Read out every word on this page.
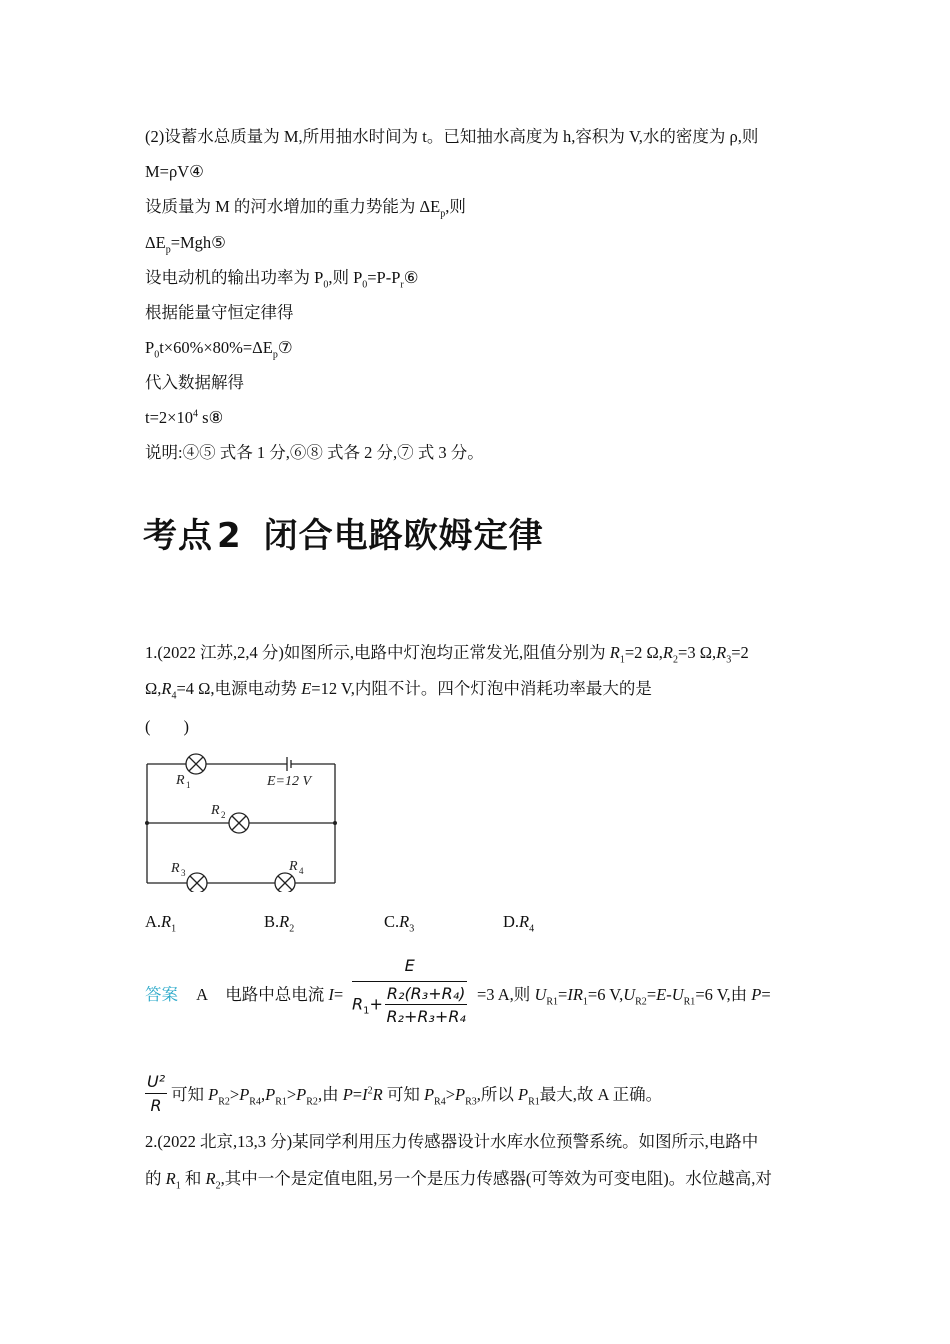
(2)设蓄水总质量为 M,所用抽水时间为 t。已知抽水高度为 h,容积为 V,水的密度为 ρ,则
M=ρV④
设质量为 M 的河水增加的重力势能为 $\Delta E_p$,则
$\Delta E_p=Mgh⑤$
设电动机的输出功率为 $P_0$,则 $P_0=P-P_r⑥$
根据能量守恒定律得
$P_0t\times 60\%\times 80\%=\Delta E_p⑦$
代入数据解得
$t=2\times 10^4$ s⑧
说明:④⑤ 式各 1 分,⑥⑧ 式各 2 分,⑦ 式 3 分。
考点 2 闭合电路欧姆定律
1.(2022 江苏,2,4 分)如图所示,电路中灯泡均正常发光,阻值分别为 $R_1=2$ $\Omega,R_2=3$ $\Omega,R_3=2$
$\Omega,R_4=4$ Ω,电源电动势 E=12 V,内阻不计。四个灯泡中消耗功率最大的是
(　　)
R 1	E=12 V
R 2
R 3	R 4
$A.R_1$	$B.R_2$	$C.R_3$	$D.R_4$
答案 A 电路中总电流 $I= \frac{E}{R_1+ \frac{\text{R₂(R₃+R₄)}}{\text{R₂+R₃+R₄}}} =3$ A,则 $U_{R1}=IR_1=6$ $V,U_{R2}=E-U_{R1}=6$ V,由 P=
$\frac{\text{U²}}{R}$ 可知 $P_{R2}>P_{R4},P_{R1}>P_{R2}$,由 $P=I^2R$ 可知 $P_{R4}>P_{R3}$,所以 $P_{R1}$最大,故 A 正确。
2.(2022 北京,13,3 分)某同学利用压力传感器设计水库水位预警系统。如图所示,电路中
的 $R_1$ 和 $R_2$,其中一个是定值电阻,另一个是压力传感器(可等效为可变电阻)。水位越高,对
